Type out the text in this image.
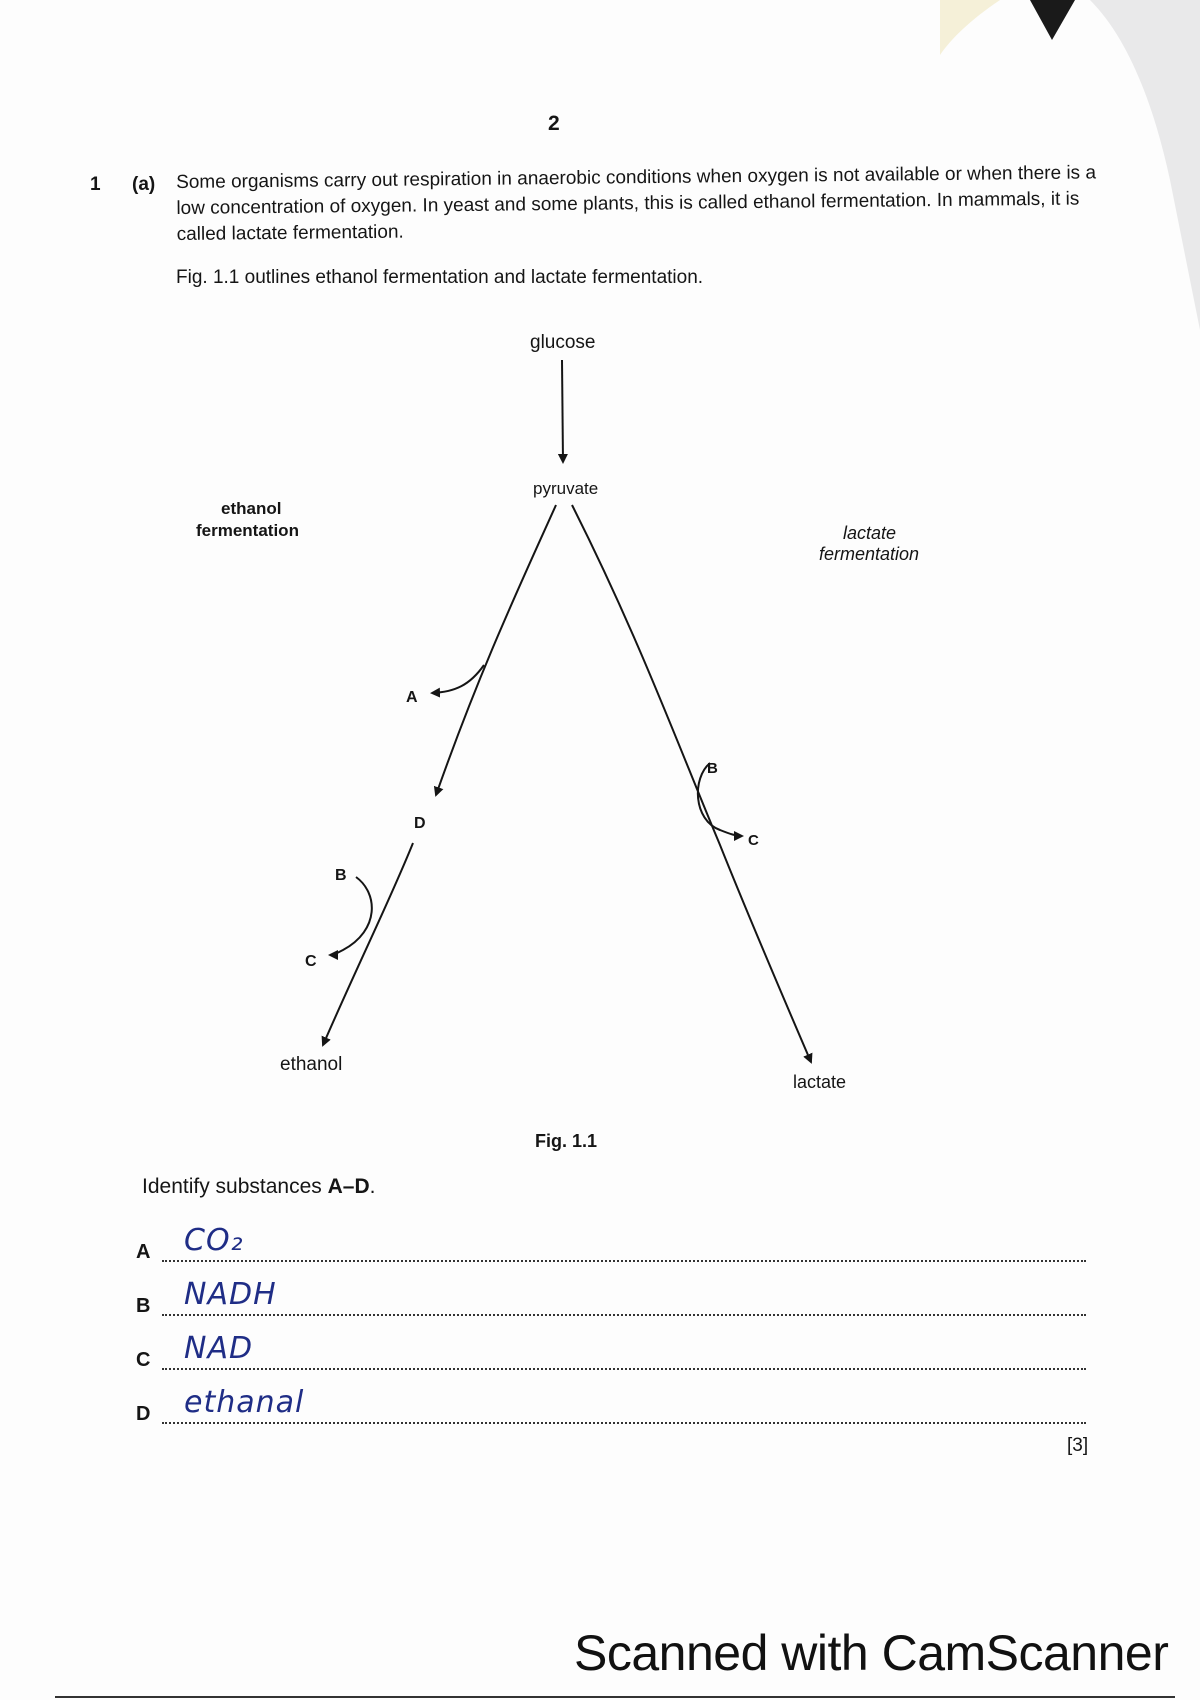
2
1 (a) Some organisms carry out respiration in anaerobic conditions when oxygen is not available or when there is a low concentration of oxygen. In yeast and some plants, this is called ethanol fermentation. In mammals, it is called lactate fermentation.
Fig. 1.1 outlines ethanol fermentation and lactate fermentation.
glucose
pyruvate
ethanol
fermentation	lactate
fermentation
A
D
B
C
ethanol
B
C
lactate
Fig. 1.1
Identify substances A–D.
A CO₂
B NADH
C NAD
D ethanal
[3]
Scanned with CamScanner
